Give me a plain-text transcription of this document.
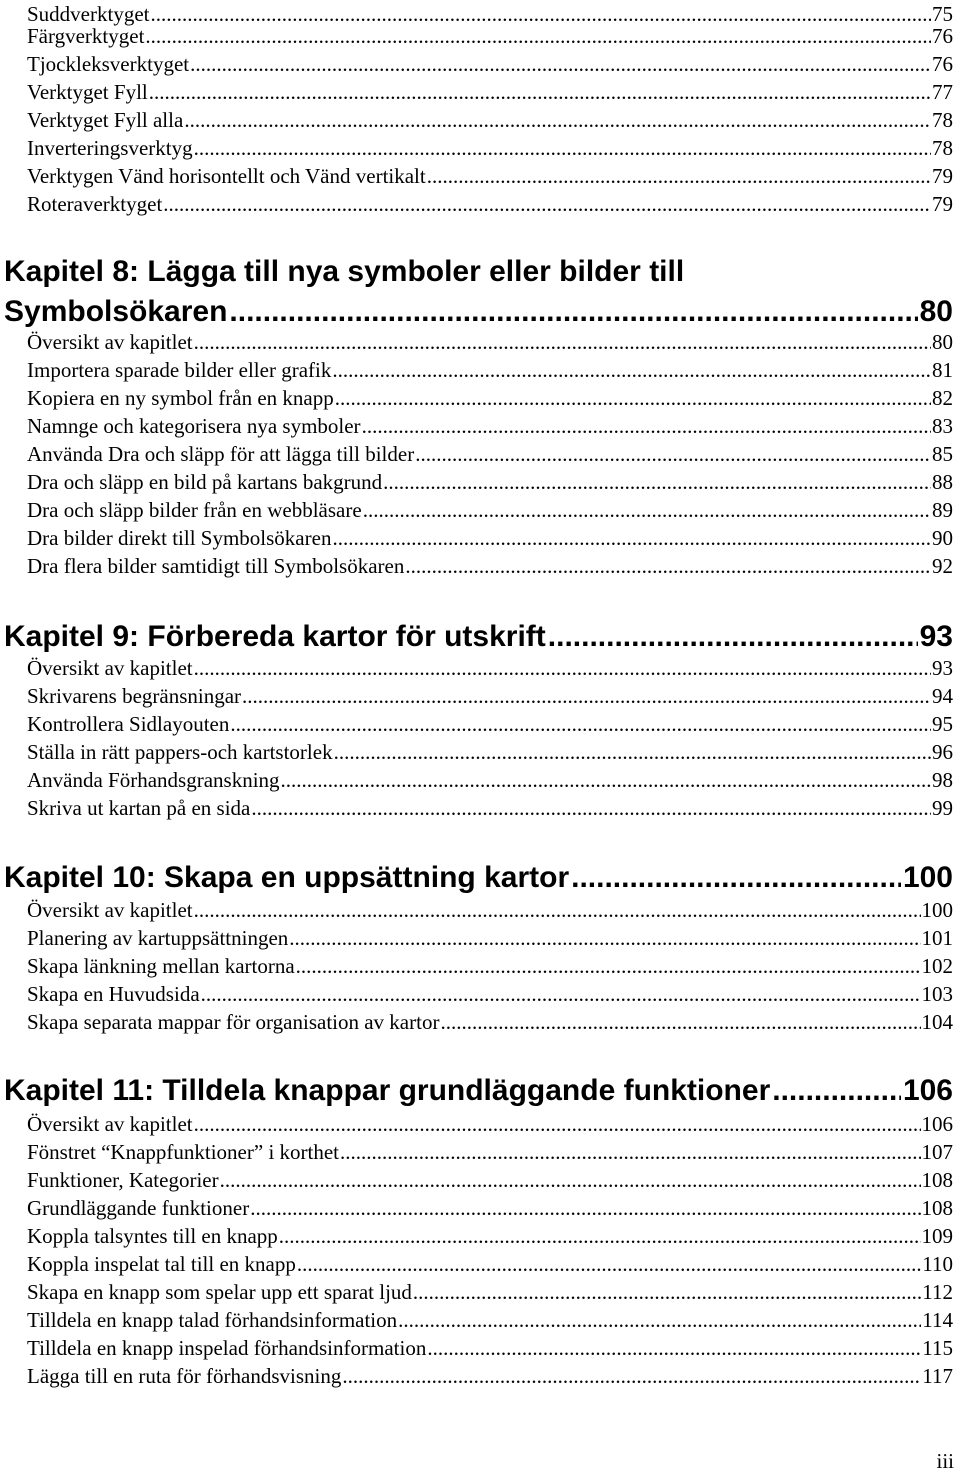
Suddverktyget .....	75
Färgverktyget .....	76
Tjockleksverktyget .....	76
Verktyget Fyll .....	77
Verktyget Fyll alla .....	78
Inverteringsverktyg .....	78
Verktygen Vänd horisontellt och Vänd vertikalt .....	79
Roteraverktyget .....	79
Kapitel 8: Lägga till nya symboler eller bilder till
Symbolsökaren .....	80
Översikt av kapitlet .....	80
Importera sparade bilder eller grafik .....	81
Kopiera en ny symbol från en knapp .....	82
Namnge och kategorisera nya symboler .....	83
Använda Dra och släpp för att lägga till bilder .....	85
Dra och släpp en bild på kartans bakgrund .....	88
Dra och släpp bilder från en webbläsare .....	89
Dra bilder direkt till Symbolsökaren .....	90
Dra flera bilder samtidigt till Symbolsökaren .....	92
Kapitel 9: Förbereda kartor för utskrift .....	93
Översikt av kapitlet .....	93
Skrivarens begränsningar .....	94
Kontrollera Sidlayouten .....	95
Ställa in rätt pappers-och kartstorlek .....	96
Använda Förhandsgranskning .....	98
Skriva ut kartan på en sida .....	99
Kapitel 10: Skapa en uppsättning kartor .....	100
Översikt av kapitlet .....	100
Planering av kartuppsättningen .....	101
Skapa länkning mellan kartorna .....	102
Skapa en Huvudsida .....	103
Skapa separata mappar för organisation av kartor .....	104
Kapitel 11: Tilldela knappar grundläggande funktioner .....	106
Översikt av kapitlet .....	106
Fönstret “Knappfunktioner” i korthet .....	107
Funktioner, Kategorier .....	108
Grundläggande funktioner .....	108
Koppla talsyntes till en knapp .....	109
Koppla inspelat tal till en knapp .....	110
Skapa en knapp som spelar upp ett sparat ljud .....	112
Tilldela en knapp talad förhandsinformation .....	114
Tilldela en knapp inspelad förhandsinformation .....	115
Lägga till en ruta för förhandsvisning .....	117
iii
